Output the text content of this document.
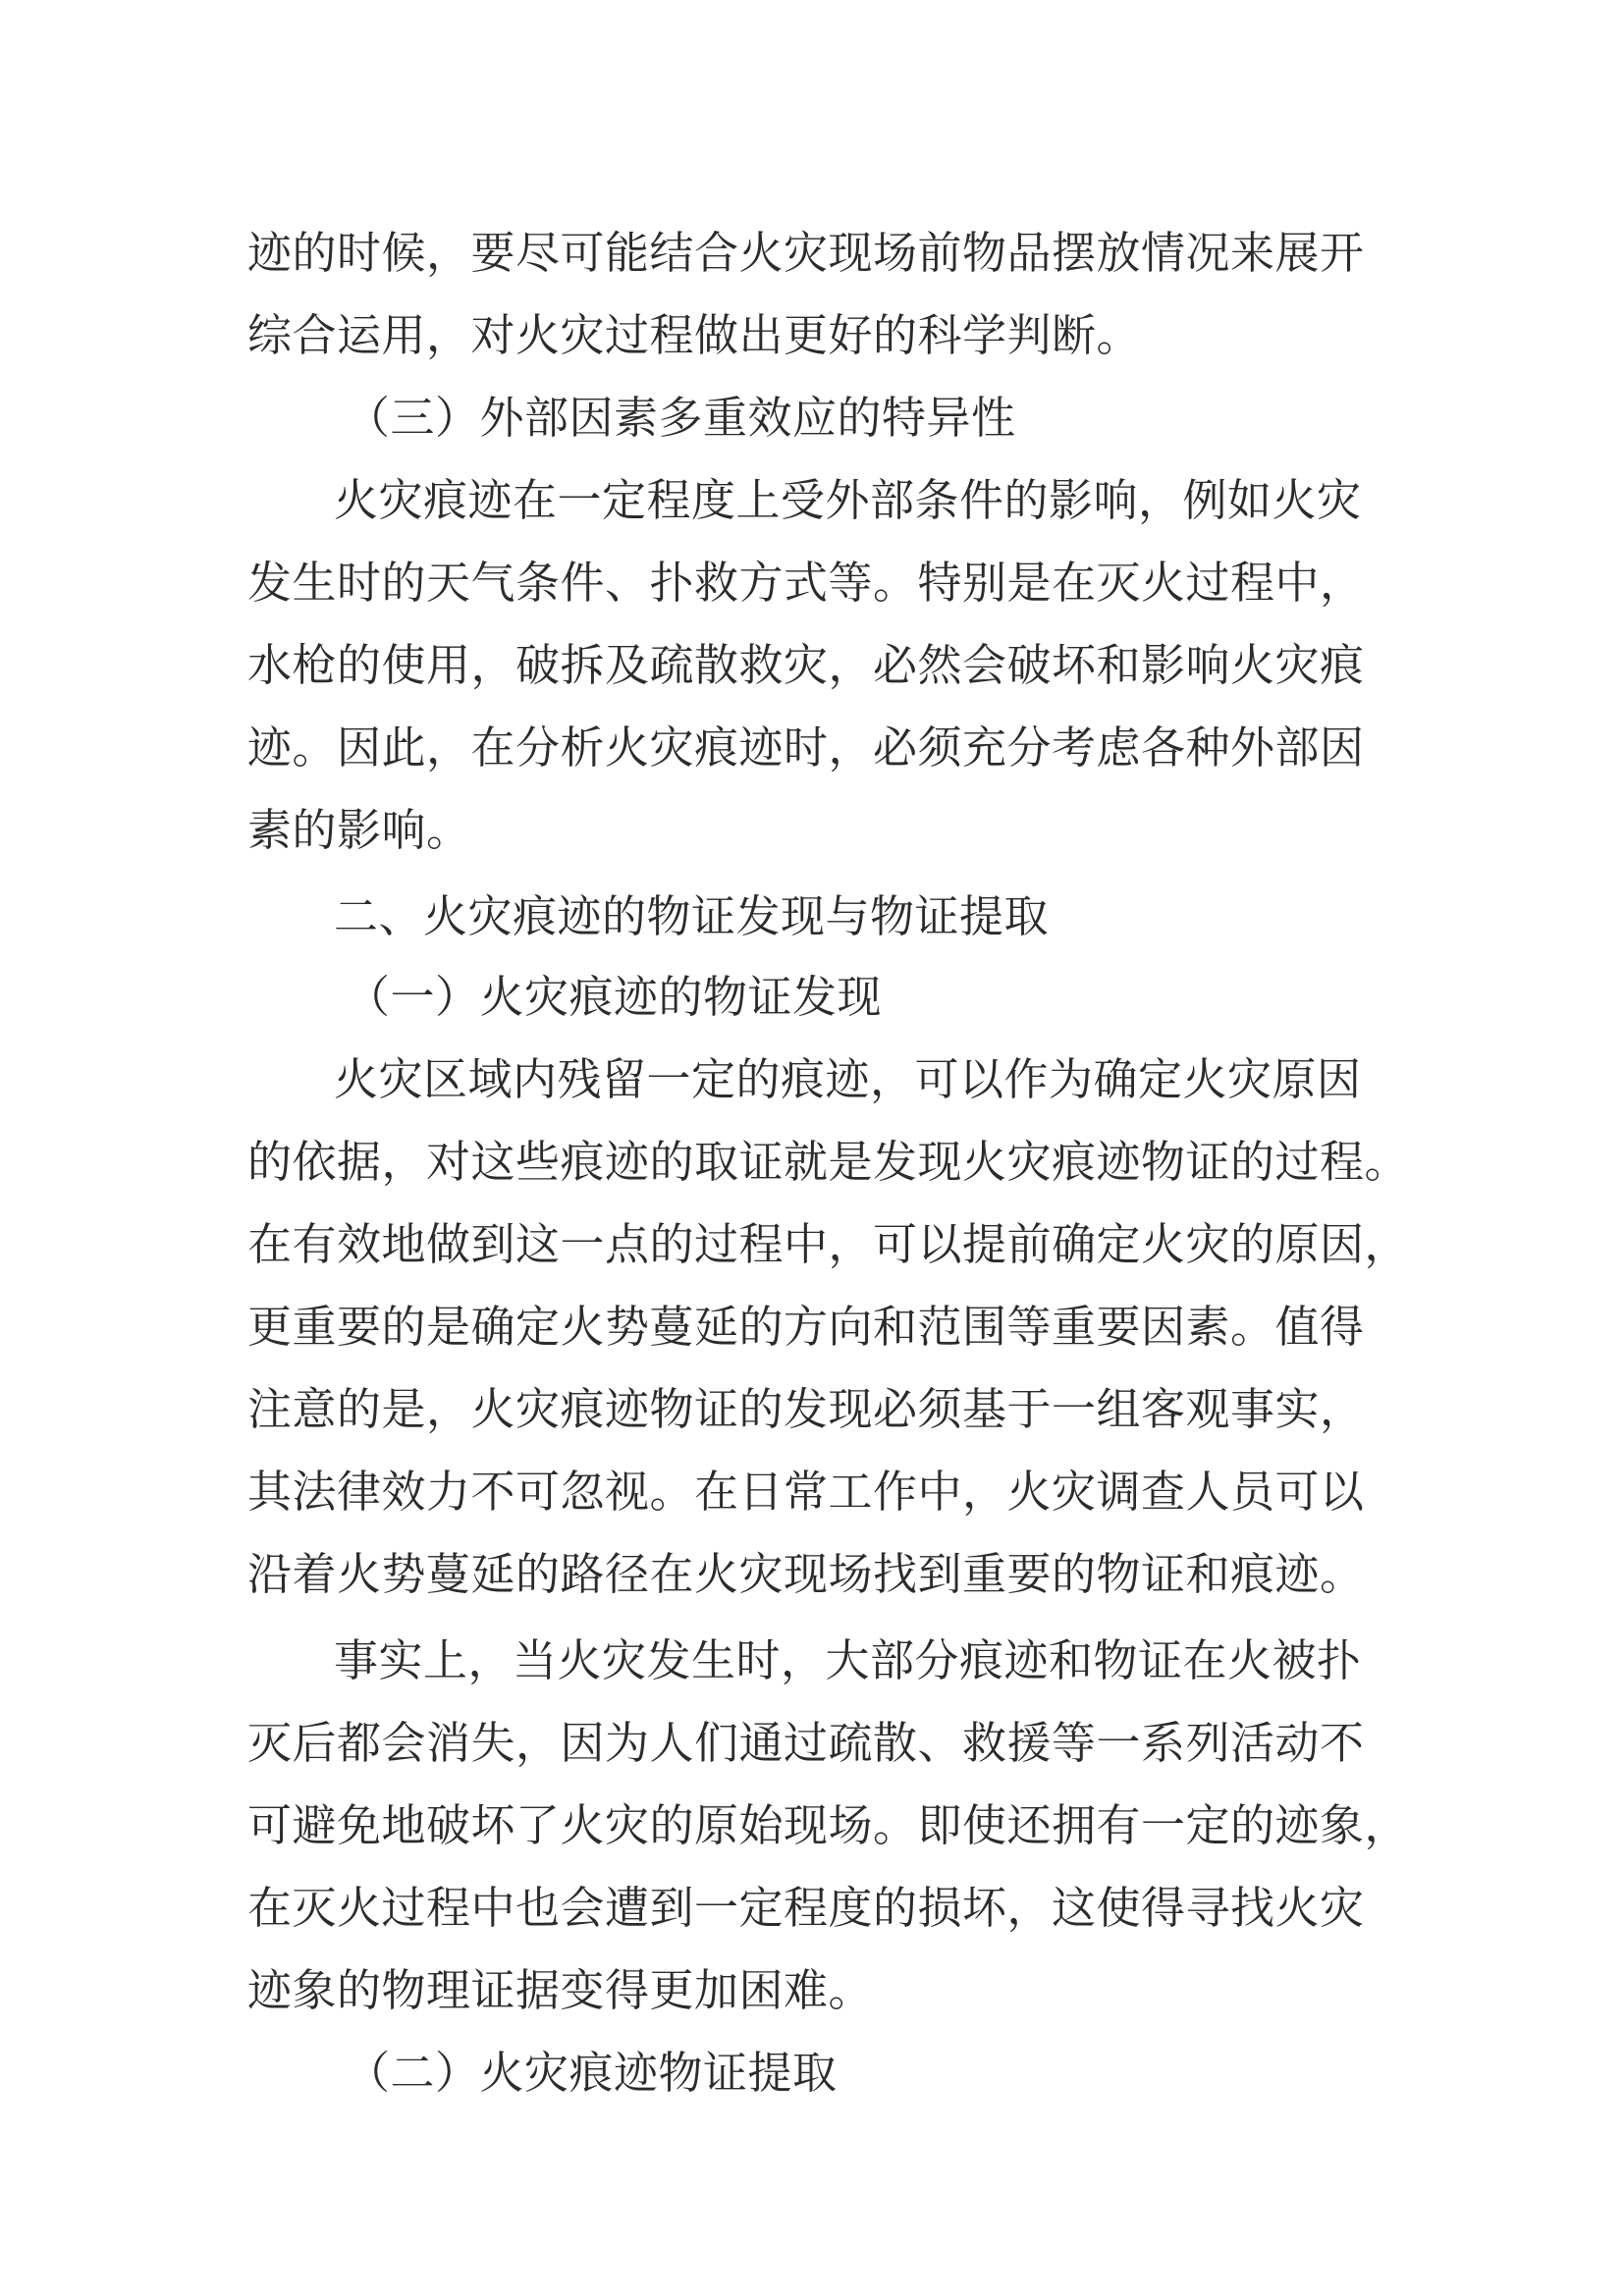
迹的时候，要尽可能结合火灾现场前物品摆放情况来展开
综合运用，对火灾过程做出更好的科学判断。
（三）外部因素多重效应的特异性
火灾痕迹在一定程度上受外部条件的影响，例如火灾
发生时的天气条件、扑救方式等。特别是在灭火过程中，
水枪的使用，破拆及疏散救灾，必然会破坏和影响火灾痕
迹。因此，在分析火灾痕迹时，必须充分考虑各种外部因
素的影响。
二、火灾痕迹的物证发现与物证提取
（一）火灾痕迹的物证发现
火灾区域内残留一定的痕迹，可以作为确定火灾原因
的依据，对这些痕迹的取证就是发现火灾痕迹物证的过程。
在有效地做到这一点的过程中，可以提前确定火灾的原因，
更重要的是确定火势蔓延的方向和范围等重要因素。值得
注意的是，火灾痕迹物证的发现必须基于一组客观事实，
其法律效力不可忽视。在日常工作中，火灾调查人员可以
沿着火势蔓延的路径在火灾现场找到重要的物证和痕迹。
事实上，当火灾发生时，大部分痕迹和物证在火被扑
灭后都会消失，因为人们通过疏散、救援等一系列活动不
可避免地破坏了火灾的原始现场。即使还拥有一定的迹象，
在灭火过程中也会遭到一定程度的损坏，这使得寻找火灾
迹象的物理证据变得更加困难。
（二）火灾痕迹物证提取
